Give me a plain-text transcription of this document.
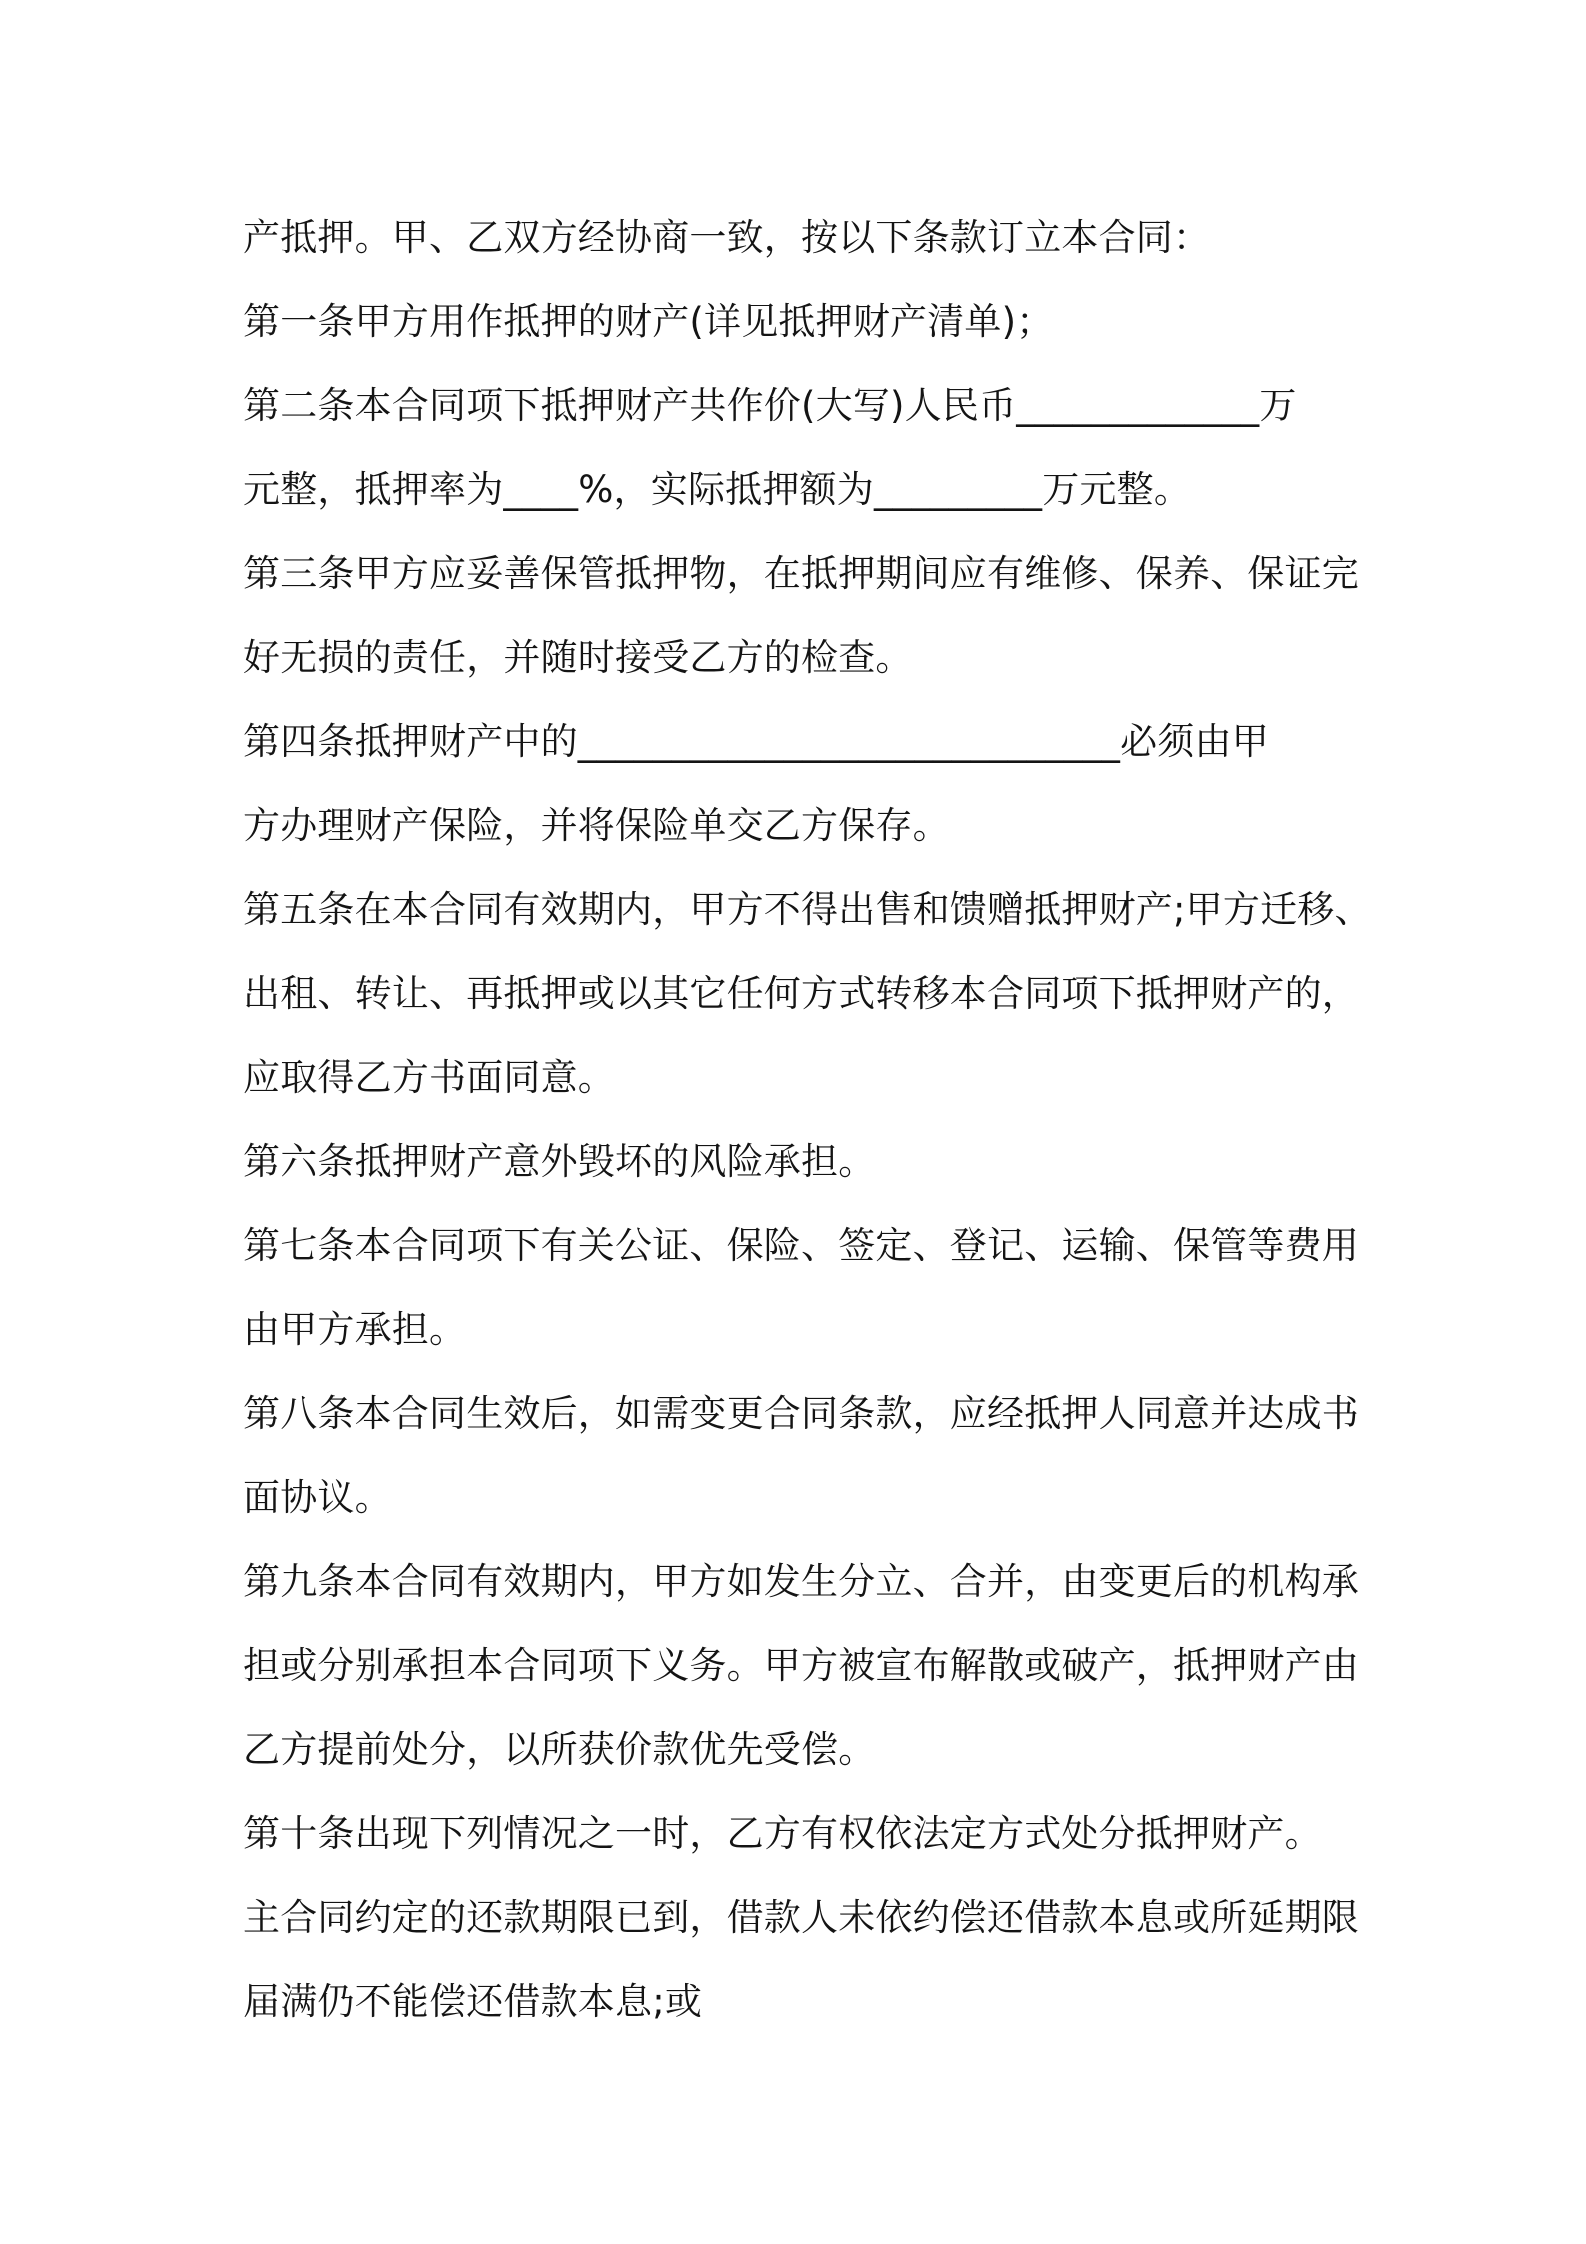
产抵押。甲、乙双方经协商一致，按以下条款订立本合同：
第一条甲方用作抵押的财产(详见抵押财产清单)；
第二条本合同项下抵押财产共作价(大写)人民币_____________万
元整，抵押率为____%，实际抵押额为_________万元整。
第三条甲方应妥善保管抵押物，在抵押期间应有维修、保养、保证完
好无损的责任，并随时接受乙方的检查。
第四条抵押财产中的_____________________________必须由甲
方办理财产保险，并将保险单交乙方保存。
第五条在本合同有效期内，甲方不得出售和馈赠抵押财产;甲方迁移、
出租、转让、再抵押或以其它任何方式转移本合同项下抵押财产的，
应取得乙方书面同意。
第六条抵押财产意外毁坏的风险承担。
第七条本合同项下有关公证、保险、签定、登记、运输、保管等费用
由甲方承担。
第八条本合同生效后，如需变更合同条款，应经抵押人同意并达成书
面协议。
第九条本合同有效期内，甲方如发生分立、合并，由变更后的机构承
担或分别承担本合同项下义务。甲方被宣布解散或破产，抵押财产由
乙方提前处分，以所获价款优先受偿。
第十条出现下列情况之一时，乙方有权依法定方式处分抵押财产。
主合同约定的还款期限已到，借款人未依约偿还借款本息或所延期限
届满仍不能偿还借款本息;或
